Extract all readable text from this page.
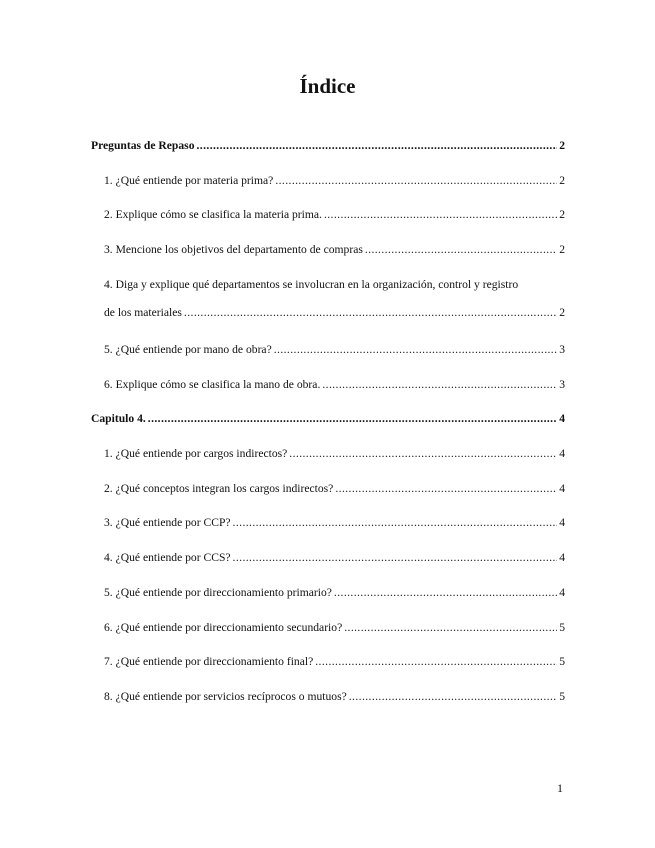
Índice
Preguntas de Repaso .....	2
1. ¿Qué entiende por materia prima? .....	2
2. Explique cómo se clasifica la materia prima. .....	2
3. Mencione los objetivos del departamento de compras .....	2
4. Diga y explique qué departamentos se involucran en la organización, control y registro
de los materiales .....	2
5. ¿Qué entiende por mano de obra? .....	3
6. Explique cómo se clasifica la mano de obra. .....	3
Capitulo 4. .....	4
1. ¿Qué entiende por cargos indirectos? .....	4
2. ¿Qué conceptos integran los cargos indirectos? .....	4
3. ¿Qué entiende por CCP? .....	4
4. ¿Qué entiende por CCS? .....	4
5. ¿Qué entiende por direccionamiento primario? .....	4
6. ¿Qué entiende por direccionamiento secundario? .....	5
7. ¿Qué entiende por direccionamiento final? .....	5
8. ¿Qué entiende por servicios recíprocos o mutuos? .....	5
1
